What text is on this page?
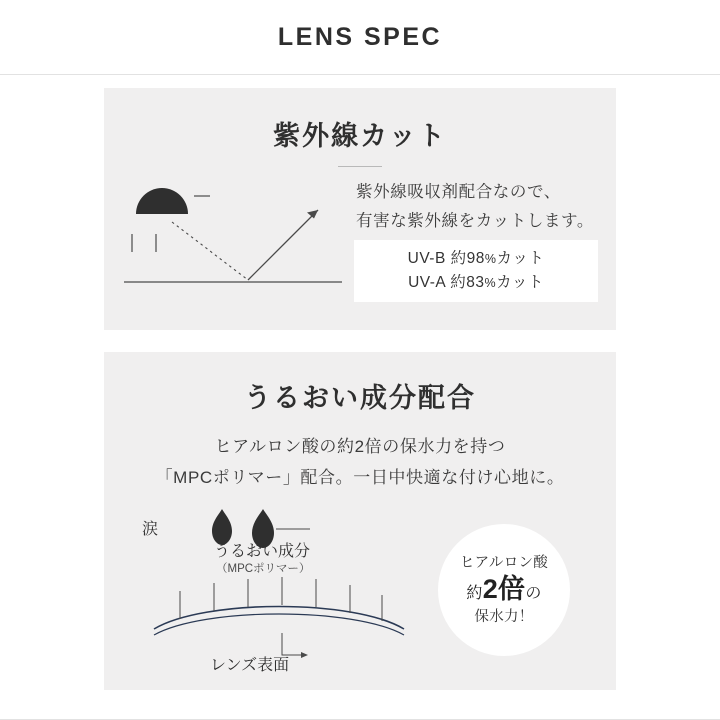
LENS SPEC
紫外線カット
紫外線吸収剤配合なので、
有害な紫外線をカットします。
UV-B 約98%カット
UV-A 約83%カット
うるおい成分配合
ヒアルロン酸の約2倍の保水力を持つ
「MPCポリマー」配合。一日中快適な付け心地に。
涙
うるおい成分
（MPCポリマー）
レンズ表面
ヒアルロン酸
約2倍の
保水力！
